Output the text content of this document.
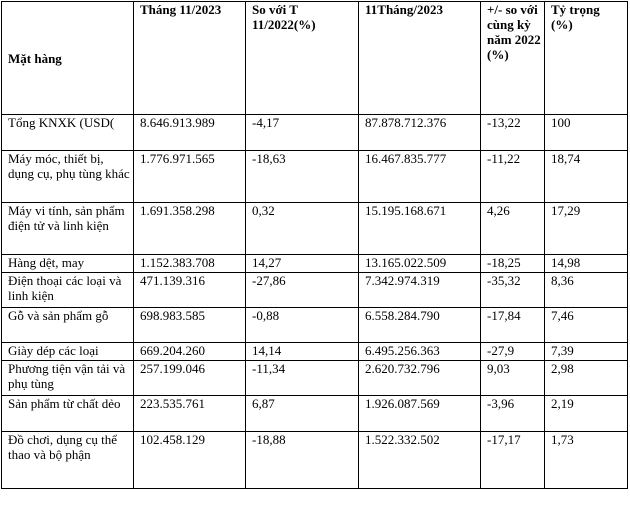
Mặt hàng	Tháng 11/2023	So với T 11/2022(%)	11Tháng/2023	+/- so với cùng kỳ năm 2022 (%)	Tỷ trọng (%)
Tổng KNXK (USD(	8.646.913.989	-4,17	87.878.712.376	-13,22	100
Máy móc, thiết bị, dụng cụ, phụ tùng khác	1.776.971.565	-18,63	16.467.835.777	-11,22	18,74
Máy vi tính, sản phẩm điện tử và linh kiện	1.691.358.298	0,32	15.195.168.671	4,26	17,29
Hàng dệt, may	1.152.383.708	14,27	13.165.022.509	-18,25	14,98
Điện thoại các loại và linh kiện	471.139.316	-27,86	7.342.974.319	-35,32	8,36
Gỗ và sản phẩm gỗ	698.983.585	-0,88	6.558.284.790	-17,84	7,46
Giày dép các loại	669.204.260	14,14	6.495.256.363	-27,9	7,39
Phương tiện vận tải và phụ tùng	257.199.046	-11,34	2.620.732.796	9,03	2,98
Sản phẩm từ chất dẻo	223.535.761	6,87	1.926.087.569	-3,96	2,19
Đồ chơi, dụng cụ thể thao và bộ phận	102.458.129	-18,88	1.522.332.502	-17,17	1,73
